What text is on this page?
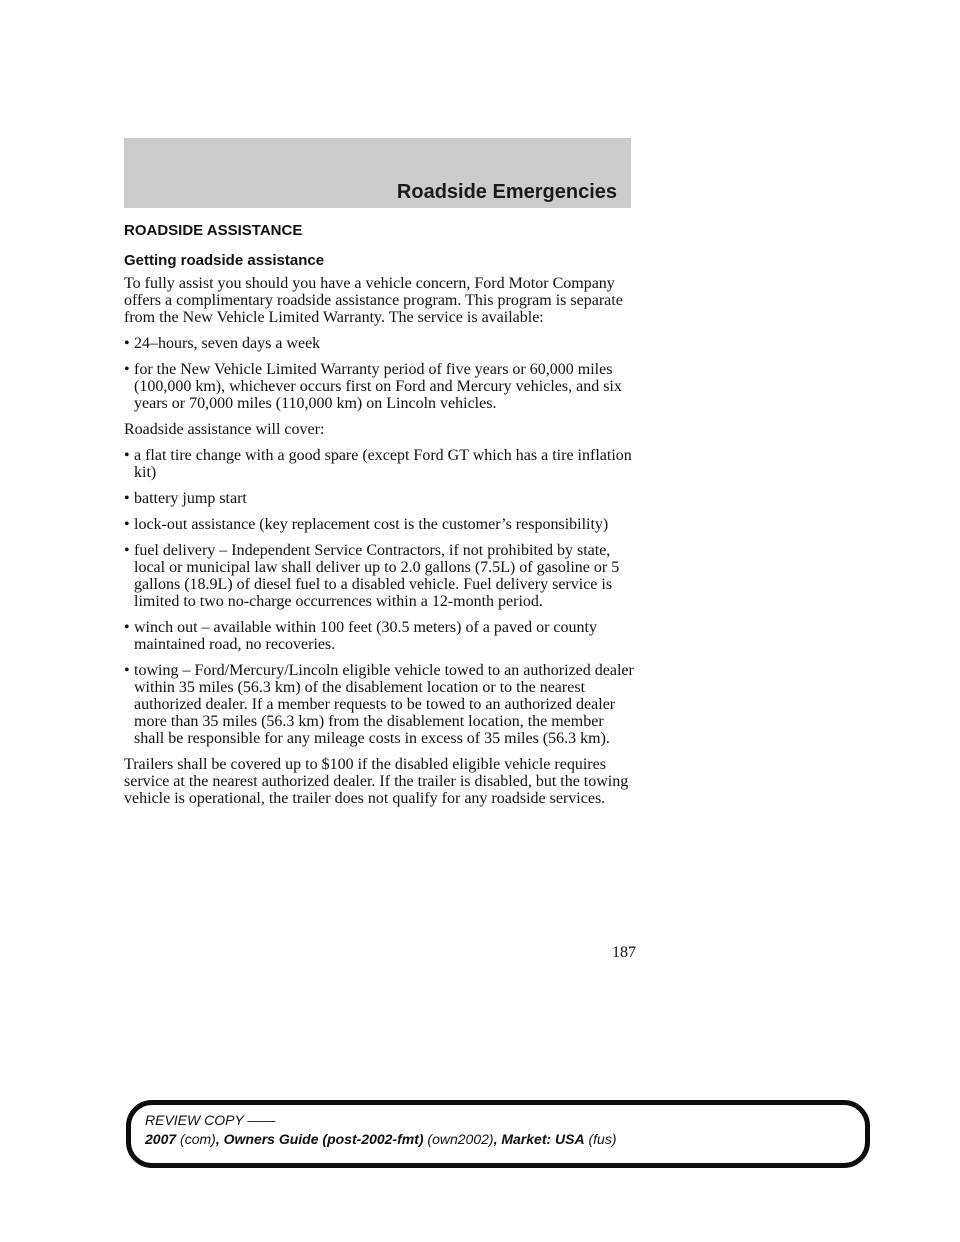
Roadside Emergencies
ROADSIDE ASSISTANCE
Getting roadside assistance

To fully assist you should you have a vehicle concern, Ford Motor Company offers a complimentary roadside assistance program. This program is separate from the New Vehicle Limited Warranty. The service is available:

• 24–hours, seven days a week
• for the New Vehicle Limited Warranty period of five years or 60,000 miles (100,000 km), whichever occurs first on Ford and Mercury vehicles, and six years or 70,000 miles (110,000 km) on Lincoln vehicles.

Roadside assistance will cover:

• a flat tire change with a good spare (except Ford GT which has a tire inflation kit)
• battery jump start
• lock-out assistance (key replacement cost is the customer’s responsibility)
• fuel delivery – Independent Service Contractors, if not prohibited by state, local or municipal law shall deliver up to 2.0 gallons (7.5L) of gasoline or 5 gallons (18.9L) of diesel fuel to a disabled vehicle. Fuel delivery service is limited to two no-charge occurrences within a 12-month period.
• winch out – available within 100 feet (30.5 meters) of a paved or county maintained road, no recoveries.
• towing – Ford/Mercury/Lincoln eligible vehicle towed to an authorized dealer within 35 miles (56.3 km) of the disablement location or to the nearest authorized dealer. If a member requests to be towed to an authorized dealer more than 35 miles (56.3 km) from the disablement location, the member shall be responsible for any mileage costs in excess of 35 miles (56.3 km).

Trailers shall be covered up to $100 if the disabled eligible vehicle requires service at the nearest authorized dealer. If the trailer is disabled, but the towing vehicle is operational, the trailer does not qualify for any roadside services.

187
REVIEW COPY ——
2007 (com), Owners Guide (post-2002-fmt) (own2002), Market: USA (fus)
